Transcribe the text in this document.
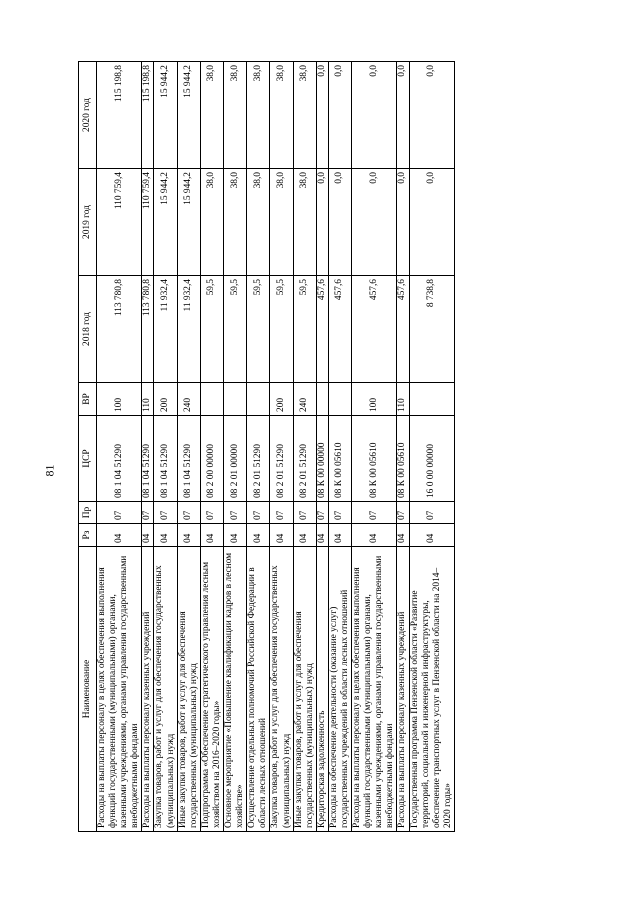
81
Наименование	Рз	Пр	ЦСР	ВР	2018 год	2019 год	2020 год
Расходы на выплаты персоналу в целях обеспечения выполнения функций государственными (муниципальными) органами, казенными учреждениями, органами управления государственными внебюджетными фондами	04	07	08 1 04 51290	100	113 780,8	110 759,4	115 198,8
Расходы на выплаты персоналу казенных учреждений	04	07	08 1 04 51290	110	113 780,8	110 759,4	115 198,8
Закупка товаров, работ и услуг для обеспечения государственных (муниципальных) нужд	04	07	08 1 04 51290	200	11 932,4	15 944,2	15 944,2
Иные закупки товаров, работ и услуг для обеспечения государственных (муниципальных) нужд	04	07	08 1 04 51290	240	11 932,4	15 944,2	15 944,2
Подпрограмма «Обеспечение стратегического управления лесным хозяйством на 2016–2020 годы»	04	07	08 2 00 00000		59,5	38,0	38,0
Основное мероприятие «Повышение квалификации кадров в лесном хозяйстве»	04	07	08 2 01 00000		59,5	38,0	38,0
Осуществление отдельных полномочий Российской Федерации в области лесных отношений	04	07	08 2 01 51290		59,5	38,0	38,0
Закупка товаров, работ и услуг для обеспечения государственных (муниципальных) нужд	04	07	08 2 01 51290	200	59,5	38,0	38,0
Иные закупки товаров, работ и услуг для обеспечения государственных (муниципальных) нужд	04	07	08 2 01 51290	240	59,5	38,0	38,0
Кредиторская задолженность	04	07	08 К 00 00000		457,6	0,0	0,0
Расходы на обеспечение деятельности (оказание услуг) государственных учреждений в области лесных отношений	04	07	08 К 00 05610		457,6	0,0	0,0
Расходы на выплаты персоналу в целях обеспечения выполнения функций государственными (муниципальными) органами, казенными учреждениями, органами управления государственными внебюджетными фондами	04	07	08 К 00 05610	100	457,6	0,0	0,0
Расходы на выплаты персоналу казенных учреждений	04	07	08 К 00 05610	110	457,6	0,0	0,0
Государственная программа Пензенской области «Развитие территорий, социальной и инженерной инфраструктуры, обеспечение транспортных услуг в Пензенской области на 2014–2020 годы»	04	07	16 0 00 00000		8 738,8	0,0	0,0
